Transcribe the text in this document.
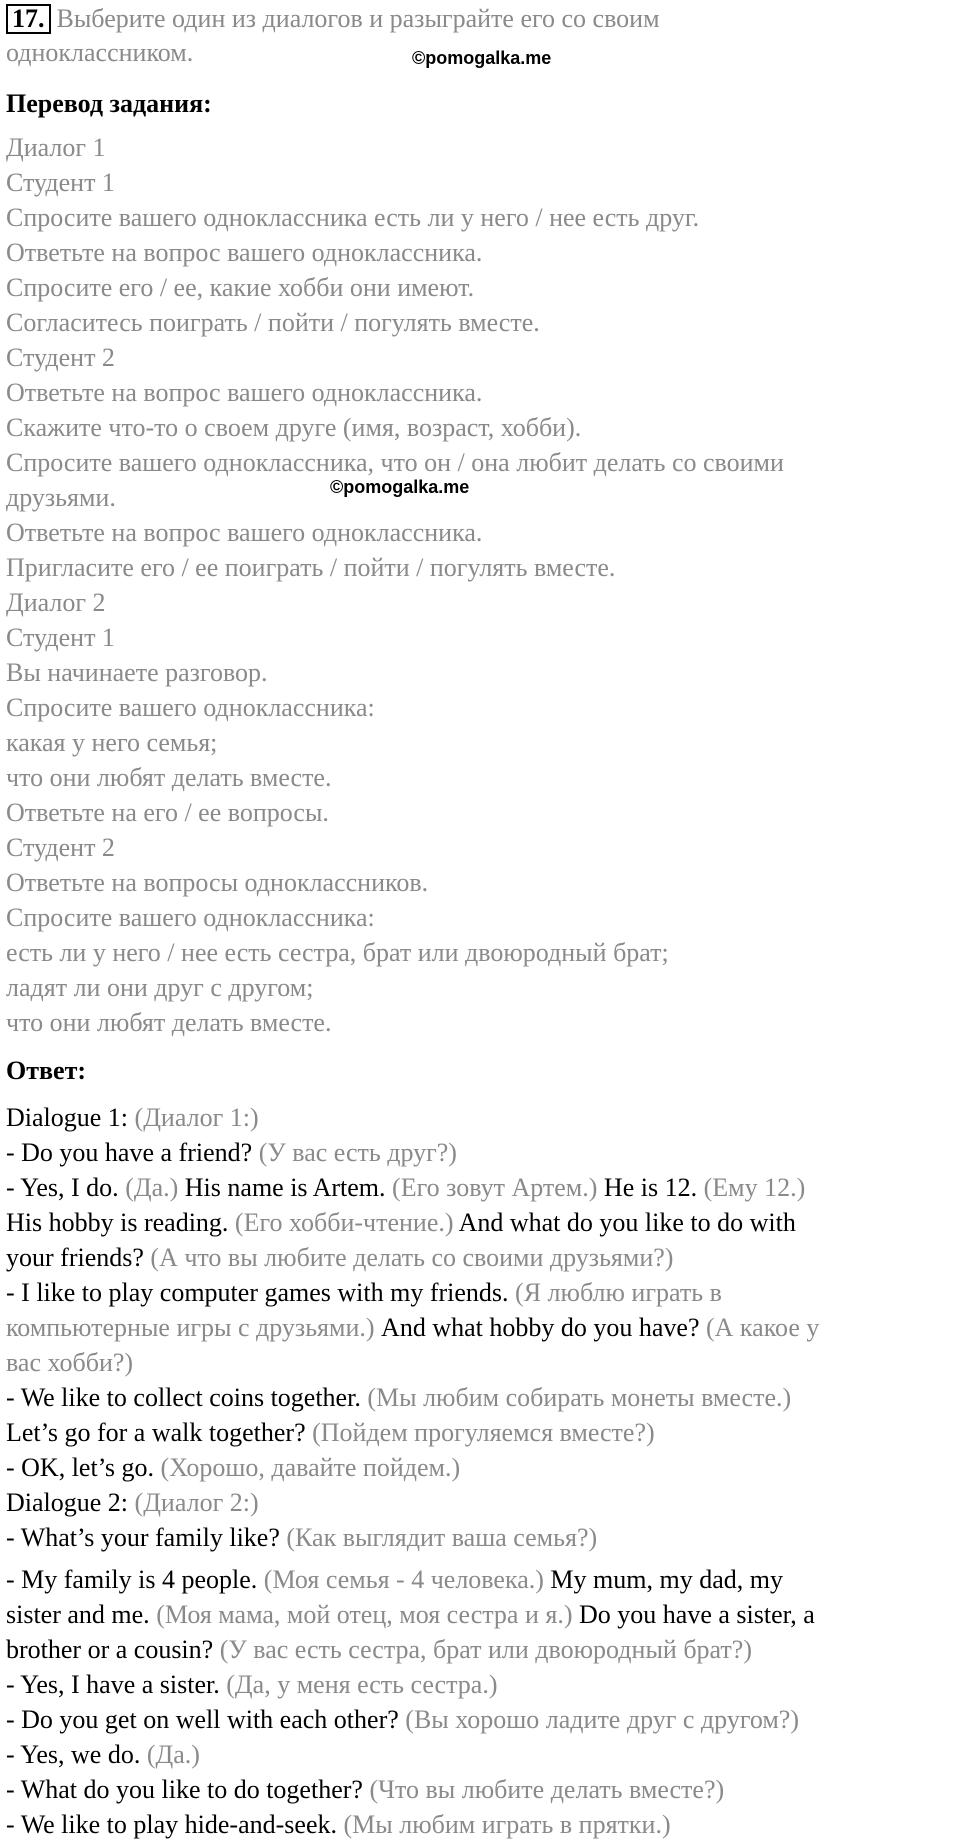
17. Выберите один из диалогов и разыграйте его со своим
одноклассником.	©pomogalka.me
Перевод задания:
Диалог 1
Студент 1
Спросите вашего одноклассника есть ли у него / нее есть друг.
Ответьте на вопрос вашего одноклассника.
Спросите его / ее, какие хобби они имеют.
Согласитесь поиграть / пойти / погулять вместе.
Студент 2
Ответьте на вопрос вашего одноклассника.
Скажите что-то о своем друге (имя, возраст, хобби).
Спросите вашего одноклассника, что он / она любит делать со своими
друзьями.
Ответьте на вопрос вашего одноклассника.
Пригласите его / ее поиграть / пойти / погулять вместе.
Диалог 2
Студент 1
Вы начинаете разговор.
Спросите вашего одноклассника:
какая у него семья;
что они любят делать вместе.
Ответьте на его / ее вопросы.
Студент 2
Ответьте на вопросы одноклассников.
Спросите вашего одноклассника:
есть ли у него / нее есть сестра, брат или двоюродный брат;
ладят ли они друг с другом;
что они любят делать вместе.
©pomogalka.me
Ответ:
Dialogue 1: (Диалог 1:)
- Do you have a friend? (У вас есть друг?)
- Yes, I do. (Да.) His name is Artem. (Его зовут Артем.) He is 12. (Ему 12.)
His hobby is reading. (Его хобби-чтение.) And what do you like to do with
your friends? (А что вы любите делать со своими друзьями?)
- I like to play computer games with my friends. (Я люблю играть в
компьютерные игры с друзьями.) And what hobby do you have? (А какое у
вас хобби?)
- We like to collect coins together. (Мы любим собирать монеты вместе.)
Let’s go for a walk together? (Пойдем прогуляемся вместе?)
- OK, let’s go. (Хорошо, давайте пойдем.)
Dialogue 2: (Диалог 2:)
- What’s your family like? (Как выглядит ваша семья?)
- My family is 4 people. (Моя семья - 4 человека.) My mum, my dad, my
sister and me. (Моя мама, мой отец, моя сестра и я.) Do you have a sister, a
brother or a cousin? (У вас есть сестра, брат или двоюродный брат?)
- Yes, I have a sister. (Да, у меня есть сестра.)
- Do you get on well with each other? (Вы хорошо ладите друг с другом?)
- Yes, we do. (Да.)
- What do you like to do together? (Что вы любите делать вместе?)
- We like to play hide-and-seek. (Мы любим играть в прятки.)
